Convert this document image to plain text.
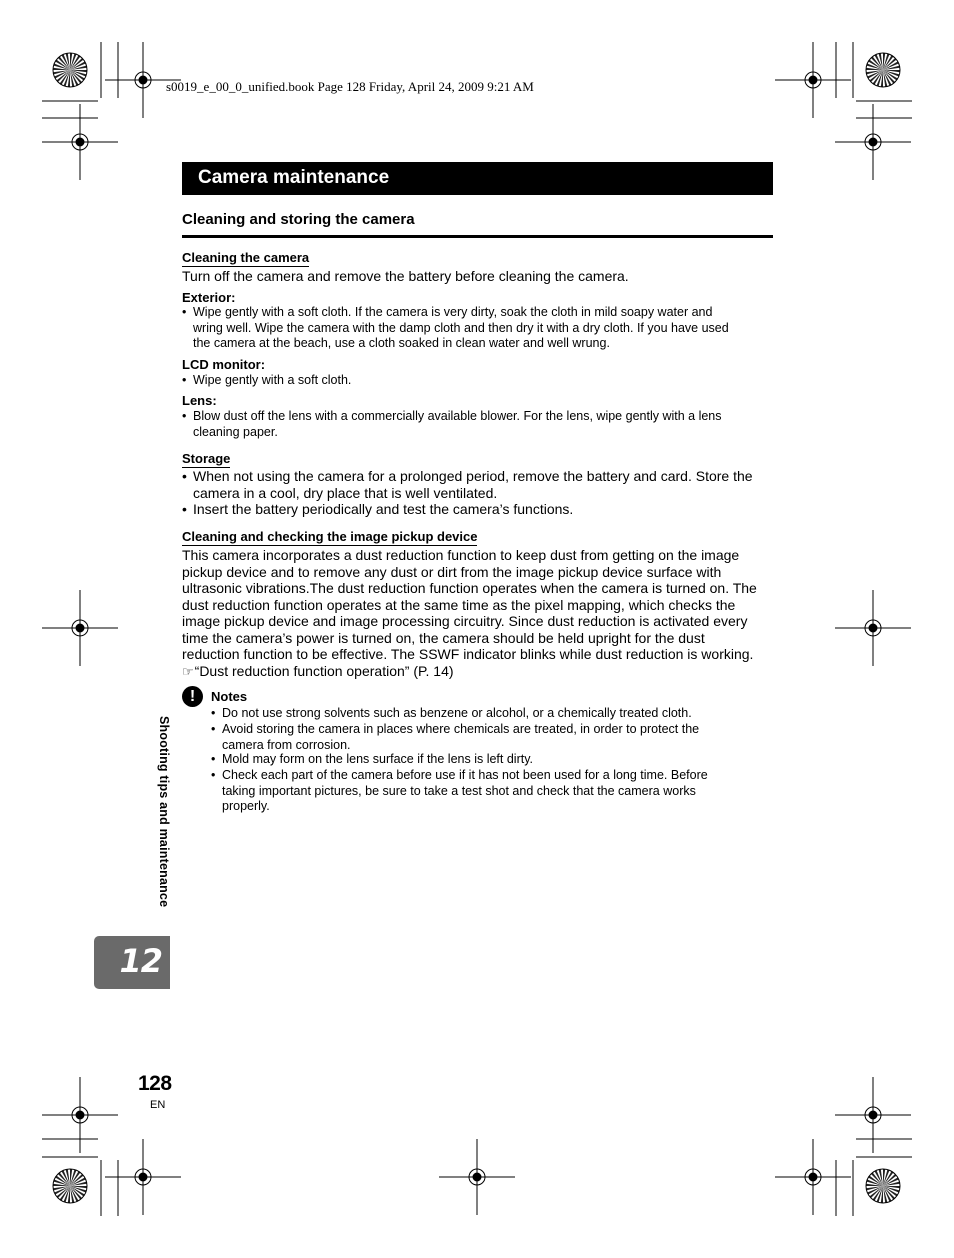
s0019_e_00_0_unified.book Page 128 Friday, April 24, 2009 9:21 AM
Camera maintenance
Cleaning and storing the camera
Cleaning the camera
Turn off the camera and remove the battery before cleaning the camera.
Exterior:
• Wipe gently with a soft cloth. If the camera is very dirty, soak the cloth in mild soapy water and
wring well. Wipe the camera with the damp cloth and then dry it with a dry cloth. If you have used
the camera at the beach, use a cloth soaked in clean water and well wrung.
LCD monitor:
• Wipe gently with a soft cloth.
Lens:
• Blow dust off the lens with a commercially available blower. For the lens, wipe gently with a lens
cleaning paper.
Storage
• When not using the camera for a prolonged period, remove the battery and card. Store the
camera in a cool, dry place that is well ventilated.
• Insert the battery periodically and test the camera’s functions.
Cleaning and checking the image pickup device
This camera incorporates a dust reduction function to keep dust from getting on the image
pickup device and to remove any dust or dirt from the image pickup device surface with
ultrasonic vibrations.The dust reduction function operates when the camera is turned on. The
dust reduction function operates at the same time as the pixel mapping, which checks the
image pickup device and image processing circuitry. Since dust reduction is activated every
time the camera’s power is turned on, the camera should be held upright for the dust
reduction function to be effective. The SSWF indicator blinks while dust reduction is working.
☞“Dust reduction function operation” (P. 14)
!	Notes
• Do not use strong solvents such as benzene or alcohol, or a chemically treated cloth.
• Avoid storing the camera in places where chemicals are treated, in order to protect the
camera from corrosion.
• Mold may form on the lens surface if the lens is left dirty.
• Check each part of the camera before use if it has not been used for a long time. Before
taking important pictures, be sure to take a test shot and check that the camera works
properly.
Shooting tips and maintenance
12
128
EN
